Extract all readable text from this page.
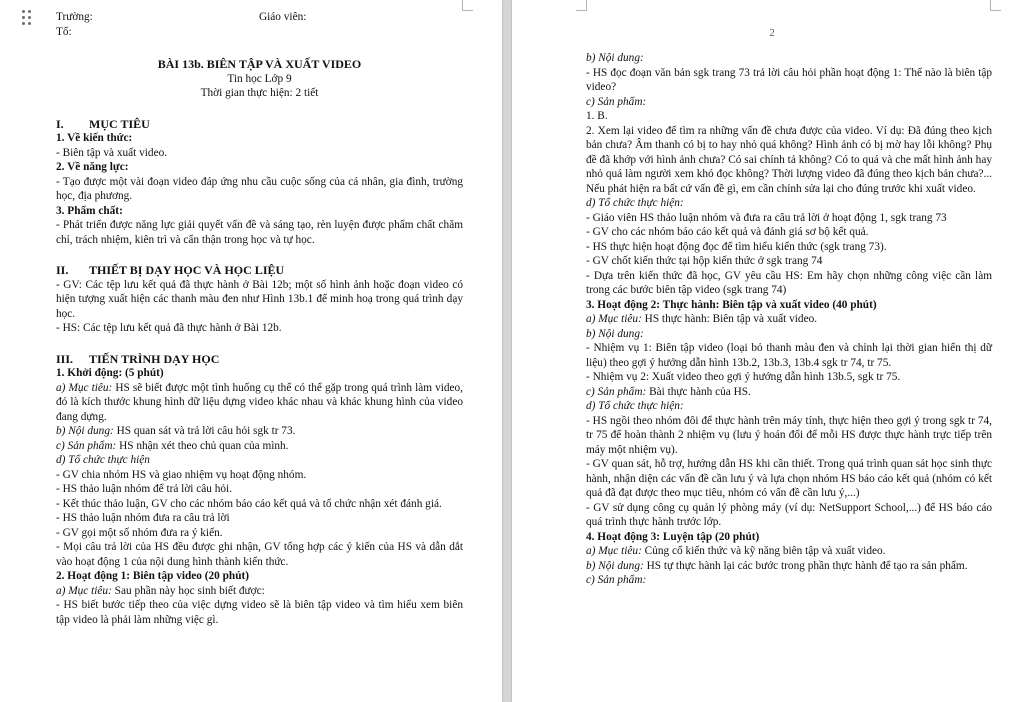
Trường:	Giáo viên:

Tổ:

BÀI 13b. BIÊN TẬP VÀ XUẤT VIDEO

Tin học Lớp 9

Thời gian thực hiện: 2 tiết

I. MỤC TIÊU

1. Về kiến thức:

- Biên tập và xuất video.

2. Về năng lực:

- Tạo được một vài đoạn video đáp ứng nhu cầu cuộc sống của cá nhân, gia đình, trường học, địa phương.

3. Phẩm chất:

- Phát triển được năng lực giải quyết vấn đề và sáng tạo, rèn luyện được phẩm chất chăm chỉ, trách nhiệm, kiên trì và cẩn thận trong học và tự học.

II. THIẾT BỊ DẠY HỌC VÀ HỌC LIỆU

- GV: Các tệp lưu kết quả đã thực hành ở Bài 12b; một số hình ảnh hoặc đoạn video có hiện tượng xuất hiện các thanh màu đen như Hình 13b.1 để minh hoạ trong quá trình dạy học.

- HS: Các tệp lưu kết quả đã thực hành ở Bài 12b.

III. TIẾN TRÌNH DẠY HỌC

1. Khởi động: (5 phút)

a) Mục tiêu: HS sẽ biết được một tình huống cụ thể có thể gặp trong quá trình làm video, đó là kích thước khung hình dữ liệu dựng video khác nhau và khác khung hình của video đang dựng.

b) Nội dung: HS quan sát và trả lời câu hỏi sgk tr 73.

c) Sản phẩm: HS nhận xét theo chủ quan của mình.

d) Tổ chức thực hiện

- GV chia nhóm HS và giao nhiệm vụ hoạt động nhóm.

- HS thảo luận nhóm để trả lời câu hỏi.

- Kết thúc thảo luận, GV cho các nhóm báo cáo kết quả và tổ chức nhận xét đánh giá.

- HS thảo luận nhóm đưa ra câu trả lời

- GV gọi một số nhóm đưa ra ý kiến.

- Mọi câu trả lời của HS đều được ghi nhận, GV tổng hợp các ý kiến của HS và dẫn dắt vào hoạt động 1 của nội dung hình thành kiến thức.

2. Hoạt động 1: Biên tập video (20 phút)

a) Mục tiêu: Sau phần này học sinh biết được:

- HS biết bước tiếp theo của việc dựng video sẽ là biên tập video và tìm hiểu xem biên tập video là phải làm những việc gì.

2

b) Nội dung:

- HS đọc đoạn văn bản sgk trang 73 trả lời câu hỏi phần hoạt động 1: Thế nào là biên tập video?

c) Sản phẩm:

1. B.

2. Xem lại video để tìm ra những vấn đề chưa được của video. Ví dụ: Đã đúng theo kịch bản chưa? Âm thanh có bị to hay nhỏ quá không? Hình ảnh có bị mờ hay lỗi không? Phụ đề đã khớp với hình ảnh chưa? Có sai chính tả không? Có to quá và che mất hình ảnh hay nhỏ quá làm người xem khó đọc không? Thời lượng video đã đúng theo kịch bản chưa?... Nếu phát hiện ra bất cứ vấn đề gì, em cần chỉnh sửa lại cho đúng trước khi xuất video.

d) Tổ chức thực hiện:

- Giáo viên HS thảo luận nhóm và đưa ra câu trả lời ở hoạt động 1, sgk trang 73

- GV cho các nhóm báo cáo kết quả và đánh giá sơ bộ kết quả.

- HS thực hiện hoạt động đọc để tìm hiểu kiến thức (sgk trang 73).

- GV chốt kiến thức tại hộp kiến thức ở sgk trang 74

- Dựa trên kiến thức đã học, GV yêu cầu HS: Em hãy chọn những công việc cần làm trong các bước biên tập video (sgk trang 74)

3. Hoạt động 2: Thực hành: Biên tập và xuất video (40 phút)

a) Mục tiêu: HS thực hành: Biên tập và xuất video.

b) Nội dung:

- Nhiệm vụ 1: Biên tập video (loại bỏ thanh màu đen và chỉnh lại thời gian hiển thị dữ liệu) theo gợi ý hướng dẫn hình 13b.2, 13b.3, 13b.4 sgk tr 74, tr 75.

- Nhiệm vụ 2: Xuất video theo gợi ý hướng dẫn hình 13b.5, sgk tr 75.

c) Sản phẩm: Bài thực hành của HS.

d) Tổ chức thực hiện:

- HS ngồi theo nhóm đôi để thực hành trên máy tính, thực hiện theo gợi ý trong sgk tr 74, tr 75 để hoàn thành 2 nhiệm vụ (lưu ý hoán đổi để mỗi HS được thực hành trực tiếp trên máy một nhiệm vụ).

- GV quan sát, hỗ trợ, hướng dẫn HS khi cần thiết. Trong quá trình quan sát học sinh thực hành, nhận diện các vấn đề cần lưu ý và lựa chọn nhóm HS báo cáo kết quả (nhóm có kết quả đã đạt được theo mục tiêu, nhóm có vấn đề cần lưu ý,...)

- GV sử dụng công cụ quản lý phòng máy (ví dụ: NetSupport School,...) để HS báo cáo quá trình thực hành trước lớp.

4. Hoạt động 3: Luyện tập (20 phút)

a) Mục tiêu: Củng cố kiến thức và kỹ năng biên tập và xuất video.

b) Nội dung: HS tự thực hành lại các bước trong phần thực hành để tạo ra sản phẩm.

c) Sản phẩm:
